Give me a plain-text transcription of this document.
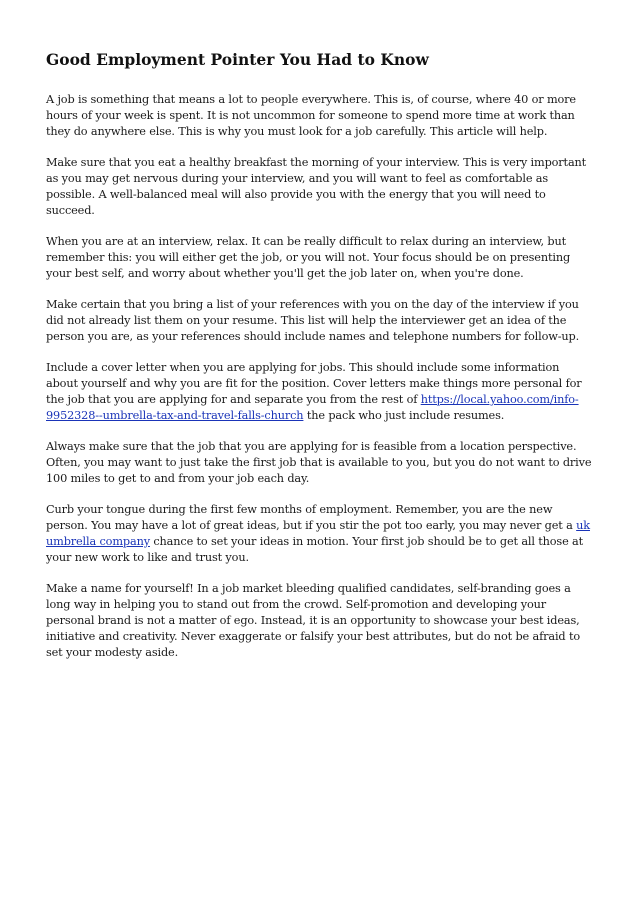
Good Employment Pointer You Had to Know

A job is something that means a lot to people everywhere. This is, of course, where 40 or more hours of your week is spent. It is not uncommon for someone to spend more time at work than they do anywhere else. This is why you must look for a job carefully. This article will help.

Make sure that you eat a healthy breakfast the morning of your interview. This is very important as you may get nervous during your interview, and you will want to feel as comfortable as possible. A well-balanced meal will also provide you with the energy that you will need to succeed.

When you are at an interview, relax. It can be really difficult to relax during an interview, but remember this: you will either get the job, or you will not. Your focus should be on presenting your best self, and worry about whether you'll get the job later on, when you're done.

Make certain that you bring a list of your references with you on the day of the interview if you did not already list them on your resume. This list will help the interviewer get an idea of the person you are, as your references should include names and telephone numbers for follow-up.

Include a cover letter when you are applying for jobs. This should include some information about yourself and why you are fit for the position. Cover letters make things more personal for the job that you are applying for and separate you from the rest of https://local.yahoo.com/info-9952328--umbrella-tax-and-travel-falls-church the pack who just include resumes.

Always make sure that the job that you are applying for is feasible from a location perspective. Often, you may want to just take the first job that is available to you, but you do not want to drive 100 miles to get to and from your job each day.

Curb your tongue during the first few months of employment. Remember, you are the new person. You may have a lot of great ideas, but if you stir the pot too early, you may never get a uk umbrella company chance to set your ideas in motion. Your first job should be to get all those at your new work to like and trust you.

Make a name for yourself! In a job market bleeding qualified candidates, self-branding goes a long way in helping you to stand out from the crowd. Self-promotion and developing your personal brand is not a matter of ego. Instead, it is an opportunity to showcase your best ideas, initiative and creativity. Never exaggerate or falsify your best attributes, but do not be afraid to set your modesty aside.
